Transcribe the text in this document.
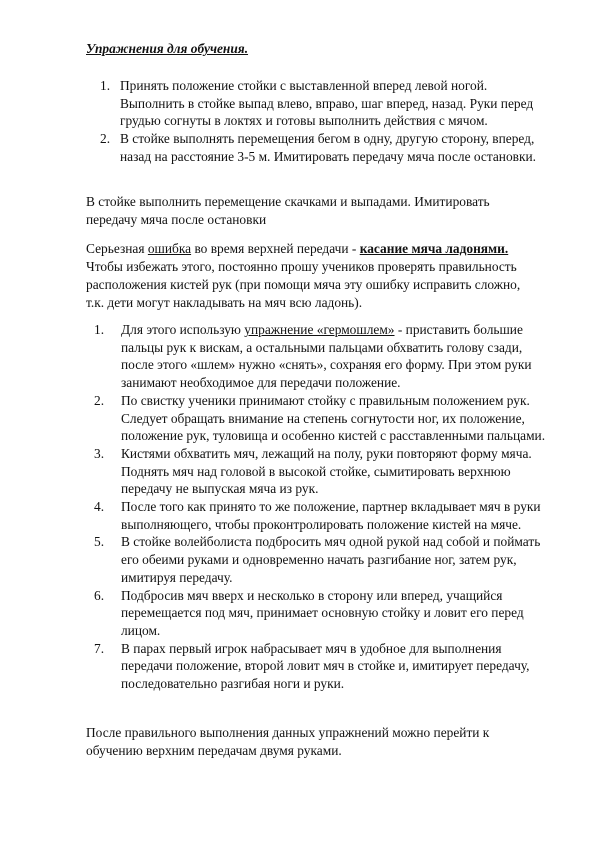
Упражнения для обучения.
1. Принять положение стойки с выставленной вперед левой ногой. Выполнить в стойке выпад влево, вправо, шаг вперед, назад. Руки перед грудью согнуты в локтях и готовы выполнить действия с мячом.
2. В стойке выполнять перемещения бегом в одну, другую сторону, вперед, назад на расстояние 3-5 м. Имитировать передачу мяча после остановки.

В стойке выполнить перемещение скачками и выпадами. Имитировать передачу мяча после остановки

Серьезная ошибка во время верхней передачи - касание мяча ладонями. Чтобы избежать этого, постоянно прошу учеников проверять правильность расположения кистей рук (при помощи мяча эту ошибку исправить сложно, т.к. дети могут накладывать на мяч всю ладонь).

1. Для этого использую упражнение «гермошлем» - приставить большие пальцы рук к вискам, а остальными пальцами обхватить голову сзади, после этого «шлем» нужно «снять», сохраняя его форму. При этом руки занимают необходимое для передачи положение.
2. По свистку ученики принимают стойку с правильным положением рук. Следует обращать внимание на степень согнутости ног, их положение, положение рук, туловища и особенно кистей с расставленными пальцами.
3. Кистями обхватить мяч, лежащий на полу, руки повторяют форму мяча. Поднять мяч над головой в высокой стойке, сымитировать верхнюю передачу не выпуская мяча из рук.
4. После того как принято то же положение, партнер вкладывает мяч в руки выполняющего, чтобы проконтролировать положение кистей на мяче.
5. В стойке волейболиста подбросить мяч одной рукой над собой и поймать его обеими руками и одновременно начать разгибание ног, затем рук, имитируя передачу.
6. Подбросив мяч вверх и несколько в сторону или вперед, учащийся перемещается под мяч, принимает основную стойку и ловит его перед лицом.
7. В парах первый игрок набрасывает мяч в удобное для выполнения передачи положение, второй ловит мяч в стойке и, имитирует передачу, последовательно разгибая ноги и руки.

После правильного выполнения данных упражнений можно перейти к обучению верхним передачам двумя руками.
